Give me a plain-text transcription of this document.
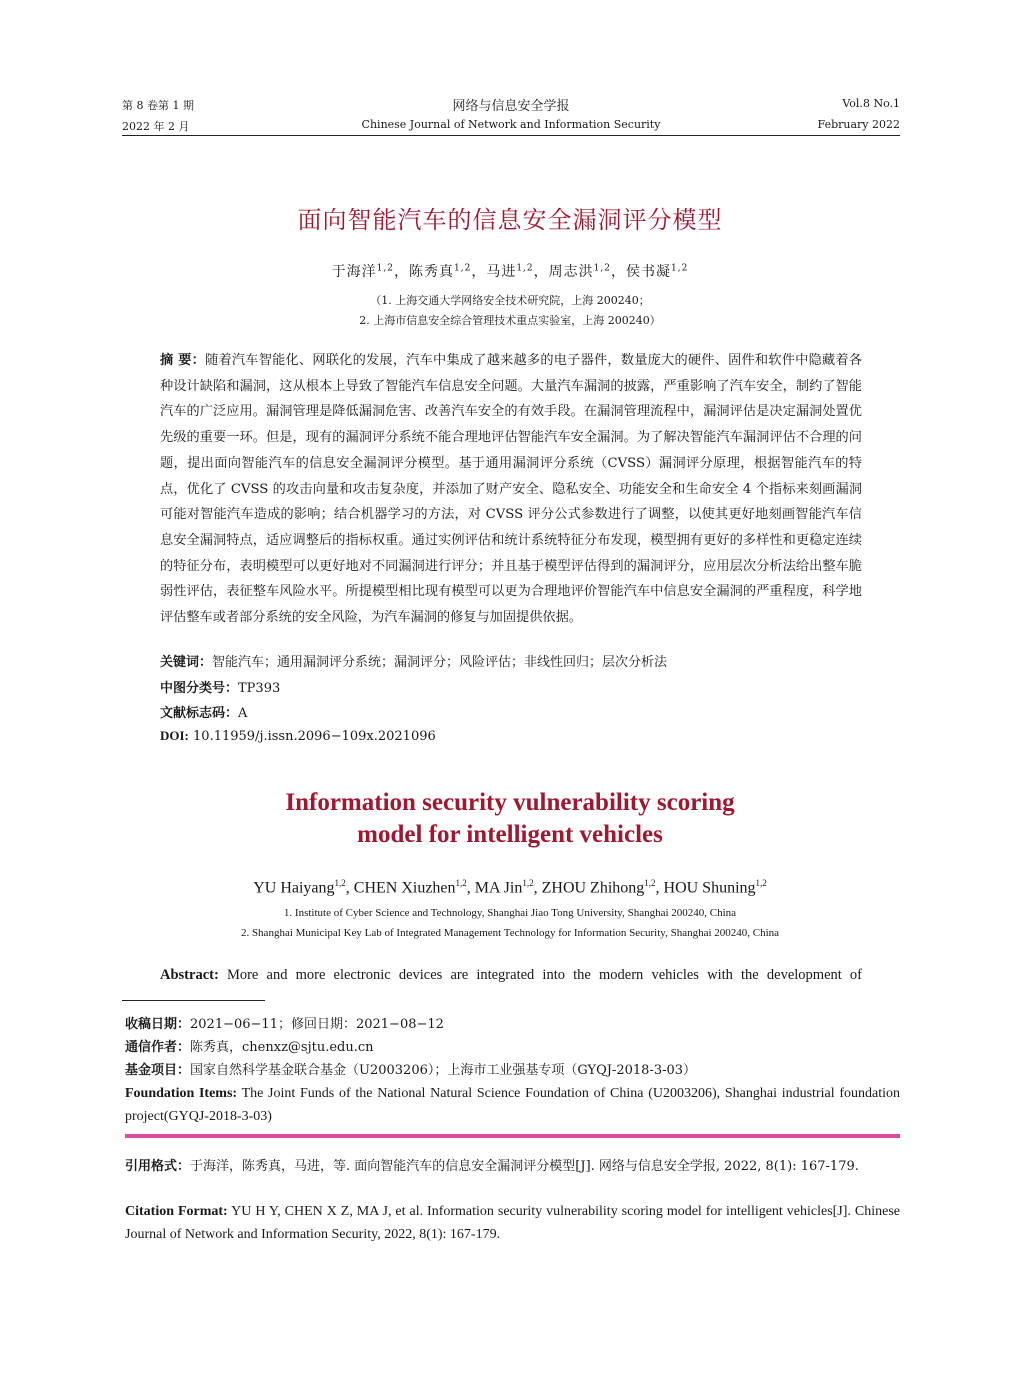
第 8 卷第 1 期	网络与信息安全学报	Vol.8 No.1
2022 年 2 月	Chinese Journal of Network and Information Security	February 2022
面向智能汽车的信息安全漏洞评分模型
于海洋$^{1,2}$，陈秀真$^{1,2}$，马进$^{1,2}$，周志洪$^{1,2}$，侯书凝$^{1,2}$
（1. 上海交通大学网络安全技术研究院，上海 200240；
2. 上海市信息安全综合管理技术重点实验室，上海 200240）
摘 要：随着汽车智能化、网联化的发展，汽车中集成了越来越多的电子器件，数量庞大的硬件、固件和软件中隐藏着各种设计缺陷和漏洞，这从根本上导致了智能汽车信息安全问题。大量汽车漏洞的披露，严重影响了汽车安全，制约了智能汽车的广泛应用。漏洞管理是降低漏洞危害、改善汽车安全的有效手段。在漏洞管理流程中，漏洞评估是决定漏洞处置优先级的重要一环。但是，现有的漏洞评分系统不能合理地评估智能汽车安全漏洞。为了解决智能汽车漏洞评估不合理的问题，提出面向智能汽车的信息安全漏洞评分模型。基于通用漏洞评分系统（CVSS）漏洞评分原理，根据智能汽车的特点，优化了 CVSS 的攻击向量和攻击复杂度，并添加了财产安全、隐私安全、功能安全和生命安全 4 个指标来刻画漏洞可能对智能汽车造成的影响；结合机器学习的方法，对 CVSS 评分公式参数进行了调整，以使其更好地刻画智能汽车信息安全漏洞特点，适应调整后的指标权重。通过实例评估和统计系统特征分布发现，模型拥有更好的多样性和更稳定连续的特征分布，表明模型可以更好地对不同漏洞进行评分；并且基于模型评估得到的漏洞评分，应用层次分析法给出整车脆弱性评估，表征整车风险水平。所提模型相比现有模型可以更为合理地评价智能汽车中信息安全漏洞的严重程度，科学地评估整车或者部分系统的安全风险，为汽车漏洞的修复与加固提供依据。
关键词：智能汽车；通用漏洞评分系统；漏洞评分；风险评估；非线性回归；层次分析法
中图分类号：TP393
文献标志码：A
DOI: 10.11959/j.issn.2096−109x.2021096
Information security vulnerability scoring
model for intelligent vehicles
YU Haiyang$^{1,2}$, CHEN Xiuzhen$^{1,2}$, MA Jin$^{1,2}$, ZHOU Zhihong$^{1,2}$, HOU Shuning$^{1,2}$
1. Institute of Cyber Science and Technology, Shanghai Jiao Tong University, Shanghai 200240, China
2. Shanghai Municipal Key Lab of Integrated Management Technology for Information Security, Shanghai 200240, China
Abstract: More and more electronic devices are integrated into the modern vehicles with the development of
收稿日期：2021−06−11；修回日期：2021−08−12
通信作者：陈秀真，chenxz@sjtu.edu.cn
基金项目：国家自然科学基金联合基金（U2003206）；上海市工业强基专项（GYQJ-2018-3-03）
Foundation Items: The Joint Funds of the National Natural Science Foundation of China (U2003206), Shanghai industrial foundation project(GYQJ-2018-3-03)
引用格式：于海洋，陈秀真，马进，等. 面向智能汽车的信息安全漏洞评分模型[J]. 网络与信息安全学报, 2022, 8(1): 167-179.
Citation Format: YU H Y, CHEN X Z, MA J, et al. Information security vulnerability scoring model for intelligent vehicles[J]. Chinese Journal of Network and Information Security, 2022, 8(1): 167-179.
